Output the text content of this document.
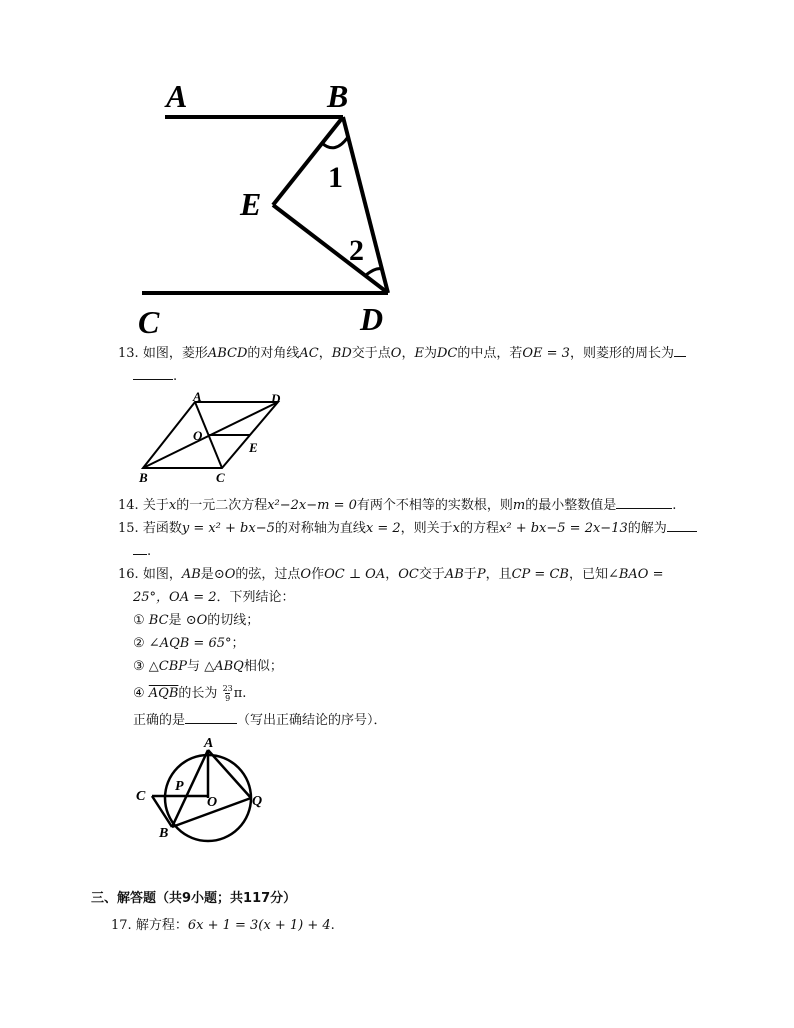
A	B
E
C	D
1
2
13. 如图，菱形ABCD的对角线AC，BD交于点O，E为DC的中点，若OE = 3，则菱形的周长为
.
A	D
O
E
B	C
14. 关于x的一元二次方程x²−2x−m = 0有两个不相等的实数根，则m的最小整数值是	.
15. 若函数y = x² + bx−5的对称轴为直线x = 2，则关于x的方程x² + bx−5 = 2x−13的解为
.
16. 如图，AB是⊙O的弦，过点O作OC ⊥ OA，OC交于AB于P，且CP = CB，已知∠BAO =
25°，OA = 2．下列结论：
① BC是 ⊙O的切线；
② ∠AQB = 65°；
③ △CBP与 △ABQ相似；
④ $\overline{AQB}$的长为 $\frac{23}{9} \pi$.
正确的是	（写出正确结论的序号）．
A
C
P
O Q
B
三、解答题（共9小题；共117分）
17. 解方程：6x + 1 = 3(x + 1) + 4.
